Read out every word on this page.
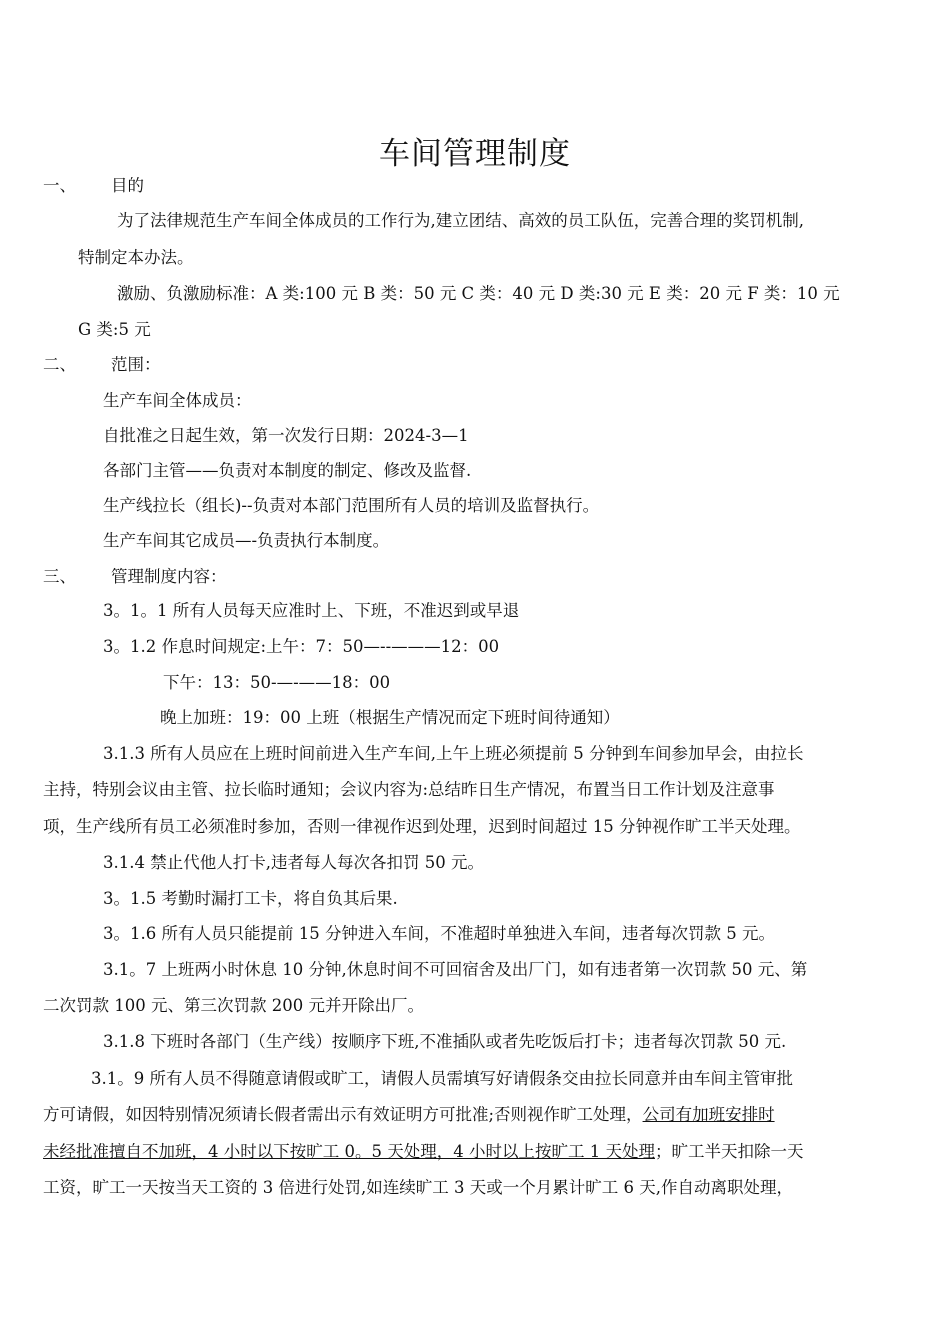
车间管理制度
一、 目的
为了法律规范生产车间全体成员的工作行为,建立团结、高效的员工队伍，完善合理的奖罚机制,
特制定本办法。
激励、负激励标准：A 类:100 元 B 类：50 元 C 类：40 元 D 类:30 元 E 类：20 元 F 类：10 元
G 类:5 元
二、 范围：
生产车间全体成员：
自批准之日起生效，第一次发行日期：2024-3—1
各部门主管——负责对本制度的制定、修改及监督.
生产线拉长（组长)--负责对本部门范围所有人员的培训及监督执行。
生产车间其它成员—-负责执行本制度。
三、 管理制度内容：
3。1。1 所有人员每天应准时上、下班，不准迟到或早退
3。1.2 作息时间规定:上午：7：50—--———12：00
下午：13：50-—-——18：00
晚上加班：19：00 上班（根据生产情况而定下班时间待通知）
3.1.3 所有人员应在上班时间前进入生产车间,上午上班必须提前 5 分钟到车间参加早会，由拉长
主持，特别会议由主管、拉长临时通知；会议内容为:总结昨日生产情况，布置当日工作计划及注意事
项，生产线所有员工必须准时参加，否则一律视作迟到处理，迟到时间超过 15 分钟视作旷工半天处理。
3.1.4 禁止代他人打卡,违者每人每次各扣罚 50 元。
3。1.5 考勤时漏打工卡，将自负其后果.
3。1.6 所有人员只能提前 15 分钟进入车间，不准超时单独进入车间，违者每次罚款 5 元。
3.1。7 上班两小时休息 10 分钟,休息时间不可回宿舍及出厂门，如有违者第一次罚款 50 元、第
二次罚款 100 元、第三次罚款 200 元并开除出厂。
3.1.8 下班时各部门（生产线）按顺序下班,不准插队或者先吃饭后打卡；违者每次罚款 50 元.
3.1。9 所有人员不得随意请假或旷工，请假人员需填写好请假条交由拉长同意并由车间主管审批
方可请假，如因特别情况须请长假者需出示有效证明方可批准;否则视作旷工处理，公司有加班安排时
未经批准擅自不加班，4 小时以下按旷工 0。5 天处理，4 小时以上按旷工 1 天处理；旷工半天扣除一天
工资，旷工一天按当天工资的 3 倍进行处罚,如连续旷工 3 天或一个月累计旷工 6 天,作自动离职处理，
